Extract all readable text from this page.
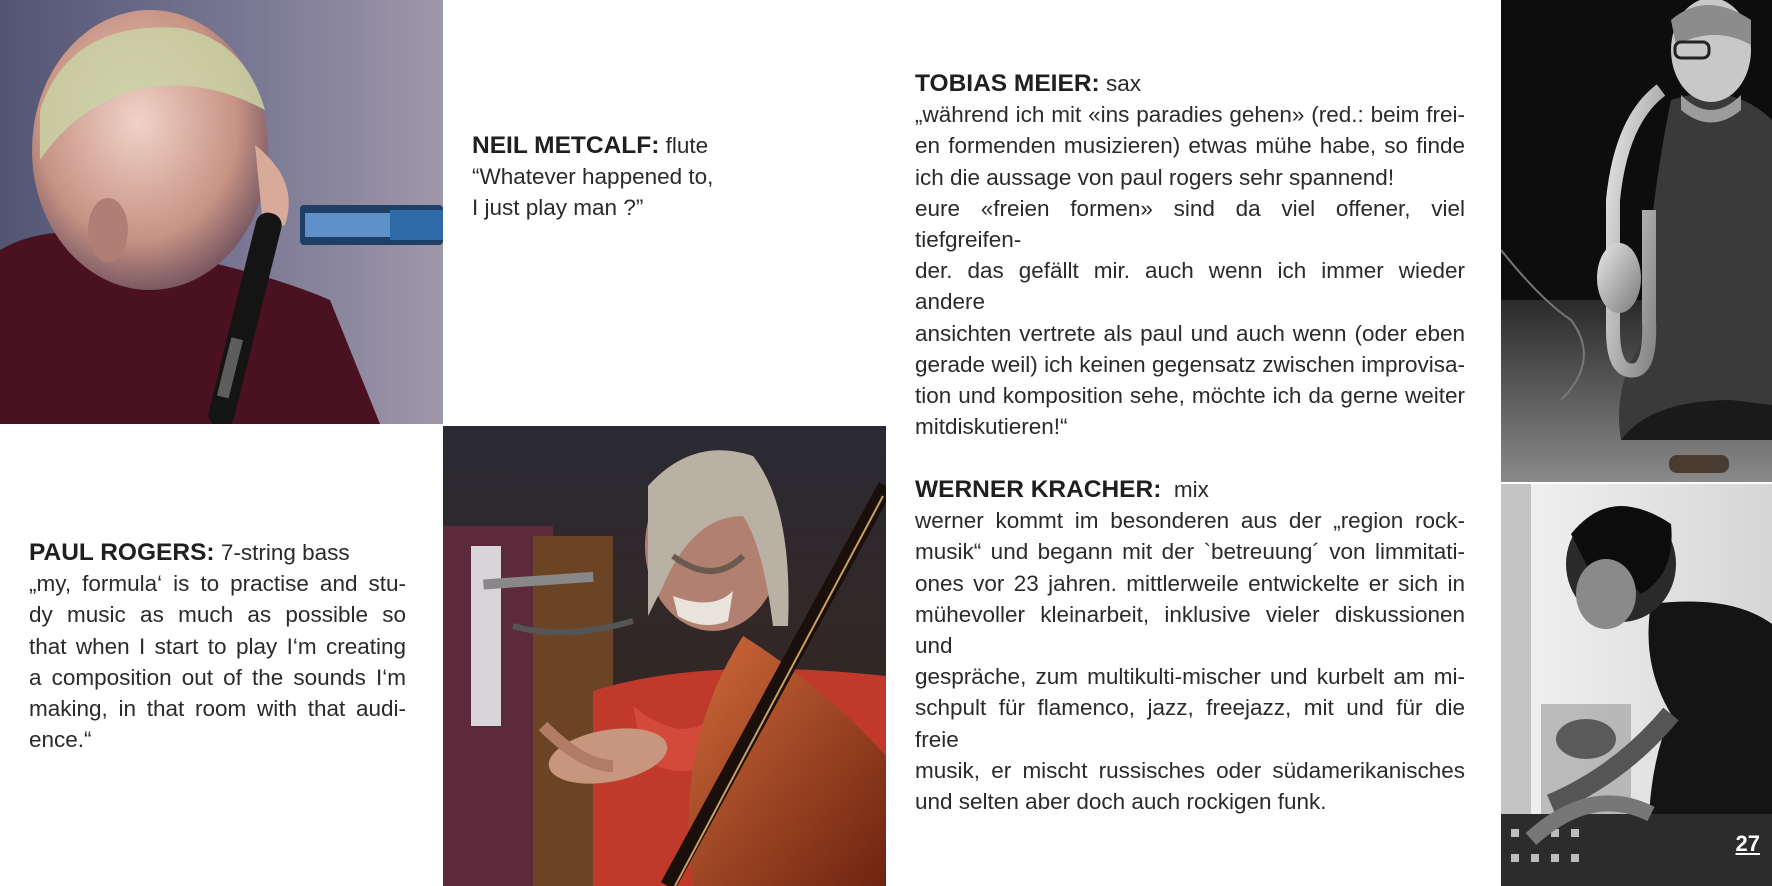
NEIL METCALF: flute

“Whatever happened to,

I just play man ?”

TOBIAS MEIER: sax

„während ich mit «ins paradies gehen» (red.: beim frei-
en formenden musizieren) etwas mühe habe, so finde
ich die aussage von paul rogers sehr spannend!
eure «freien formen» sind da viel offener, viel tiefgreifen-
der. das gefällt mir. auch wenn ich immer wieder andere
ansichten vertrete als paul und auch wenn (oder eben
gerade weil) ich keinen gegensatz zwischen improvisa-
tion und komposition sehe, möchte ich da gerne weiter
mitdiskutieren!“

PAUL ROGERS: 7-string bass

„my, formula‘ is to practise and stu-
dy music as much as possible so
that when I start to play I‘m creating
a composition out of the sounds I‘m
making, in that room with that audi-
ence.“

WERNER KRACHER: mix

werner kommt im besonderen aus der „region rock-
musik“ und begann mit der `betreuung´ von limmitati-
ones vor 23 jahren. mittlerweile entwickelte er sich in
mühevoller kleinarbeit, inklusive vieler diskussionen und
gespräche, zum multikulti-mischer und kurbelt am mi-
schpult für flamenco, jazz, freejazz, mit und für die freie
musik, er mischt russisches oder südamerikanisches
und selten aber doch auch rockigen funk.

27
